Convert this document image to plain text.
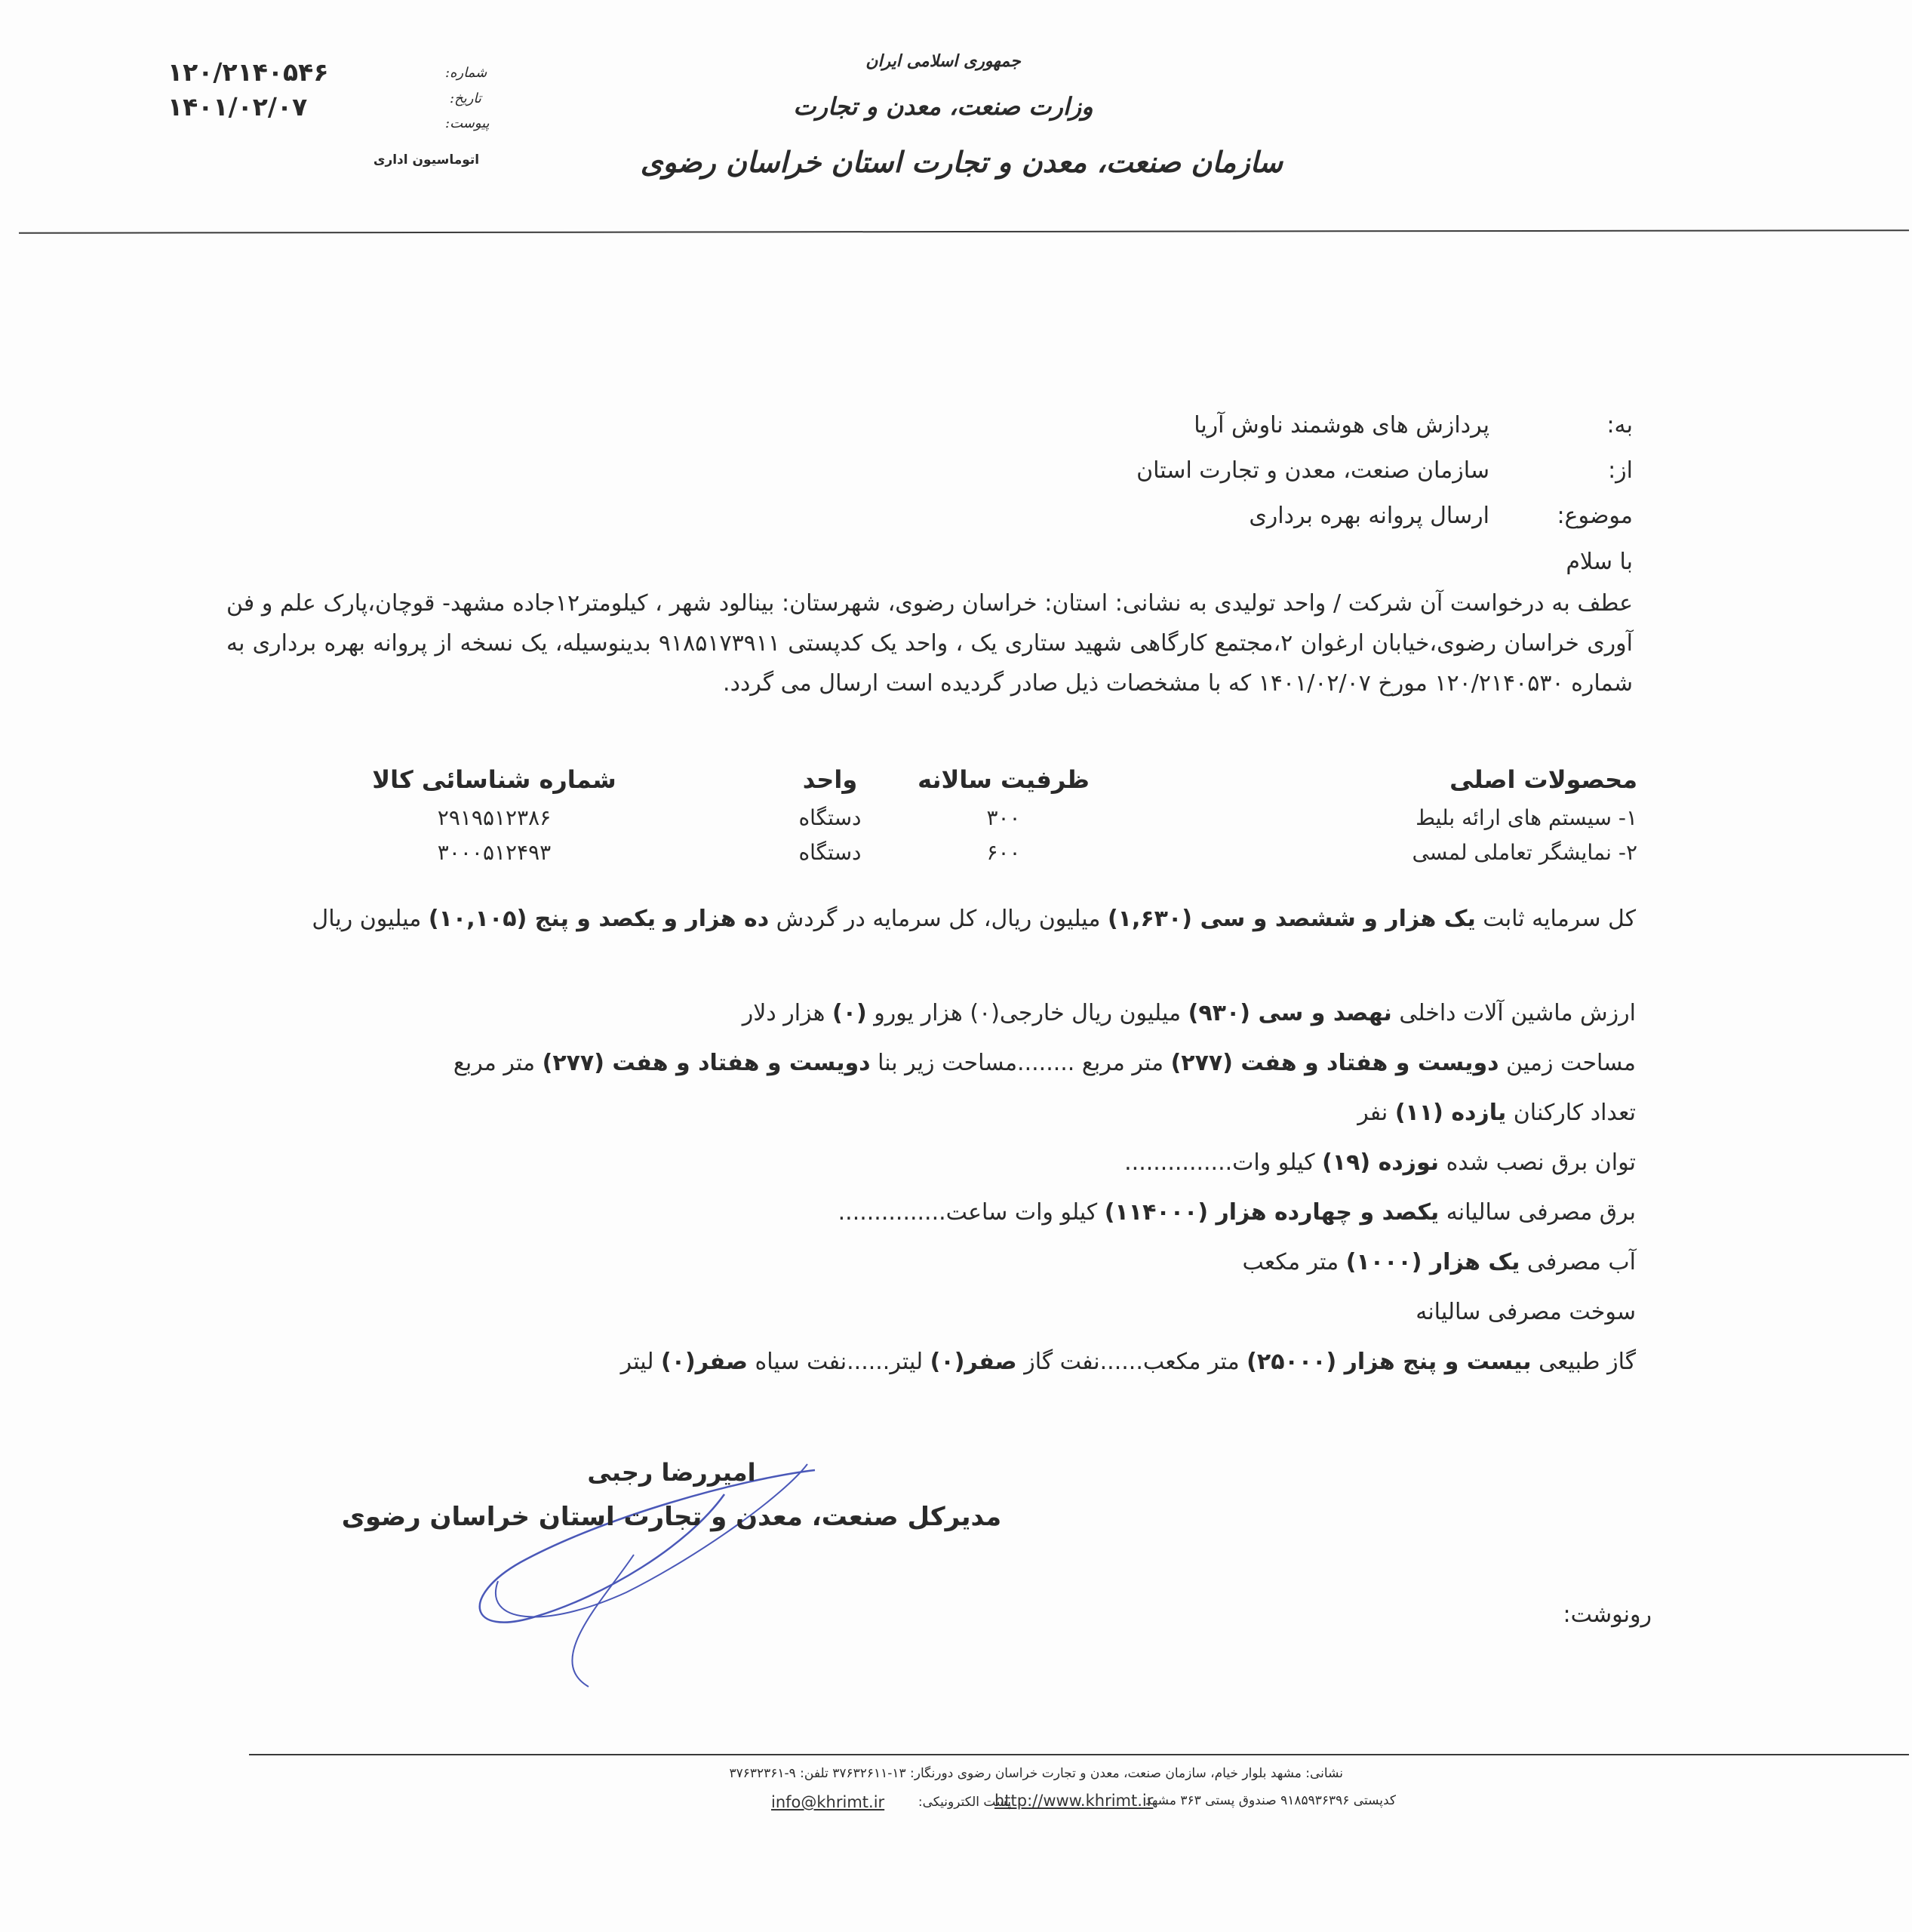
جمهوری اسلامی ایران
وزارت صنعت، معدن و تجارت
سازمان صنعت، معدن و تجارت استان خراسان رضوی
شماره:
تاریخ:
پیوست:
۱۲۰/۲۱۴۰۵۴۶
۱۴۰۱/۰۲/۰۷
اتوماسیون اداری
به:
پردازش های هوشمند ناوش آریا
از:
سازمان صنعت، معدن و تجارت استان
موضوع:
ارسال پروانه بهره برداری
با سلام
عطف به درخواست آن شرکت / واحد تولیدی به نشانی: استان: خراسان رضوی، شهرستان: بینالود شهر ، کیلومتر۱۲جاده مشهد- قوچان،پارک علم و فن آوری خراسان رضوی،خیابان ارغوان ۲،مجتمع کارگاهی شهید ستاری یک ، واحد یک کدپستی ۹۱۸۵۱۷۳۹۱۱ بدینوسیله، یک نسخه از پروانه بهره برداری به شماره ۱۲۰/۲۱۴۰۵۳۰ مورخ ۱۴۰۱/۰۲/۰۷ که با مشخصات ذیل صادر گردیده است ارسال می گردد.
محصولات اصلی	ظرفیت سالانه	واحد	شماره شناسائی کالا
۱- سیستم های ارائه بلیط	۳۰۰	دستگاه	۲۹۱۹۵۱۲۳۸۶
۲- نمایشگر تعاملی لمسی	۶۰۰	دستگاه	۳۰۰۰۵۱۲۴۹۳
کل سرمایه ثابت یک هزار و ششصد و سی (۱,۶۳۰) میلیون ریال، کل سرمایه در گردش ده هزار و یکصد و پنج (۱۰,۱۰۵) میلیون ریال
ارزش ماشین آلات داخلی نهصد و سی (۹۳۰) میلیون ریال خارجی(۰) هزار یورو (۰) هزار دلار
مساحت زمین دویست و هفتاد و هفت (۲۷۷) متر مربع ........مساحت زیر بنا دویست و هفتاد و هفت (۲۷۷) متر مربع
تعداد کارکنان یازده (۱۱) نفر
توان برق نصب شده نوزده (۱۹) کیلو وات...............
برق مصرفی سالیانه یکصد و چهارده هزار (۱۱۴۰۰۰) کیلو وات ساعت...............
آب مصرفی یک هزار (۱۰۰۰) متر مکعب
سوخت مصرفی سالیانه
گاز طبیعی بیست و پنج هزار (۲۵۰۰۰) متر مکعب......نفت گاز صفر(۰) لیتر......نفت سیاه صفر(۰) لیتر
امیررضا رجبی
مدیرکل صنعت، معدن و تجارت استان خراسان رضوی
رونوشت:
نشانی: مشهد بلوار خیام، سازمان صنعت، معدن و تجارت خراسان رضوی دورنگار: ۱۳-۳۷۶۳۲۶۱۱ تلفن: ۹-۳۷۶۳۲۳۶۱
کدپستی ۹۱۸۵۹۳۶۳۹۶ صندوق پستی ۳۶۳ مشهد
http://www.khrimt.ir
پست الکترونیکی:
info@khrimt.ir
